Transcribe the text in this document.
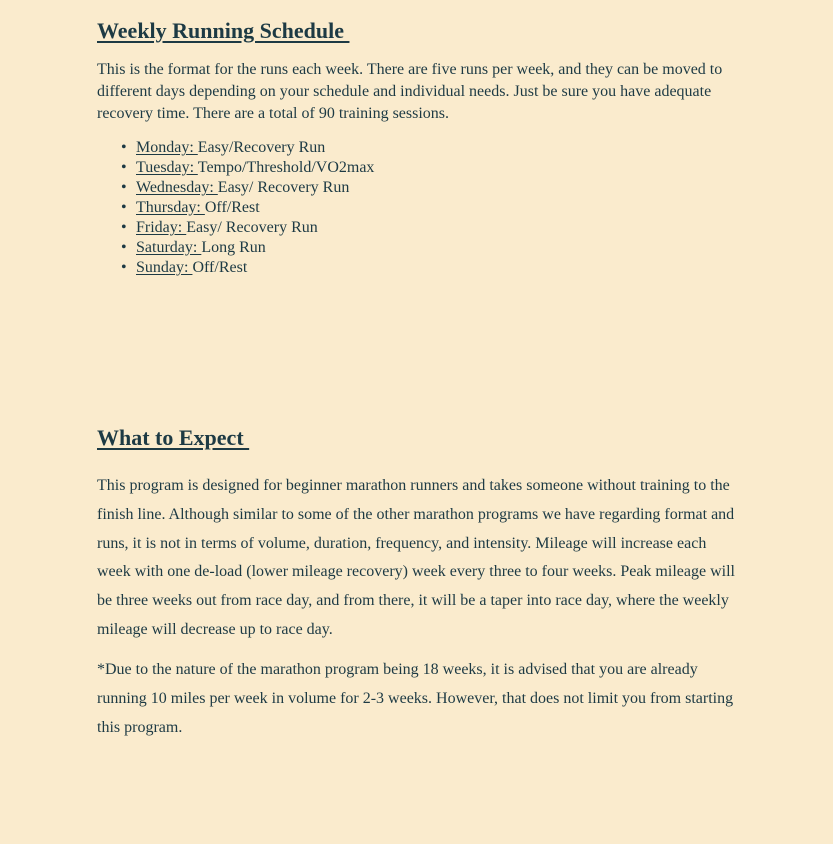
Weekly Running Schedule

This is the format for the runs each week. There are five runs per week, and they can be moved to different days depending on your schedule and individual needs. Just be sure you have adequate recovery time. There are a total of 90 training sessions.

• Monday: Easy/Recovery Run
• Tuesday: Tempo/Threshold/VO2max
• Wednesday: Easy/ Recovery Run
• Thursday: Off/Rest
• Friday: Easy/ Recovery Run
• Saturday: Long Run
• Sunday: Off/Rest
What to Expect

This program is designed for beginner marathon runners and takes someone without training to the finish line. Although similar to some of the other marathon programs we have regarding format and runs, it is not in terms of volume, duration, frequency, and intensity. Mileage will increase each week with one de-load (lower mileage recovery) week every three to four weeks. Peak mileage will be three weeks out from race day, and from there, it will be a taper into race day, where the weekly mileage will decrease up to race day.

*Due to the nature of the marathon program being 18 weeks, it is advised that you are already running 10 miles per week in volume for 2-3 weeks. However, that does not limit you from starting this program.
